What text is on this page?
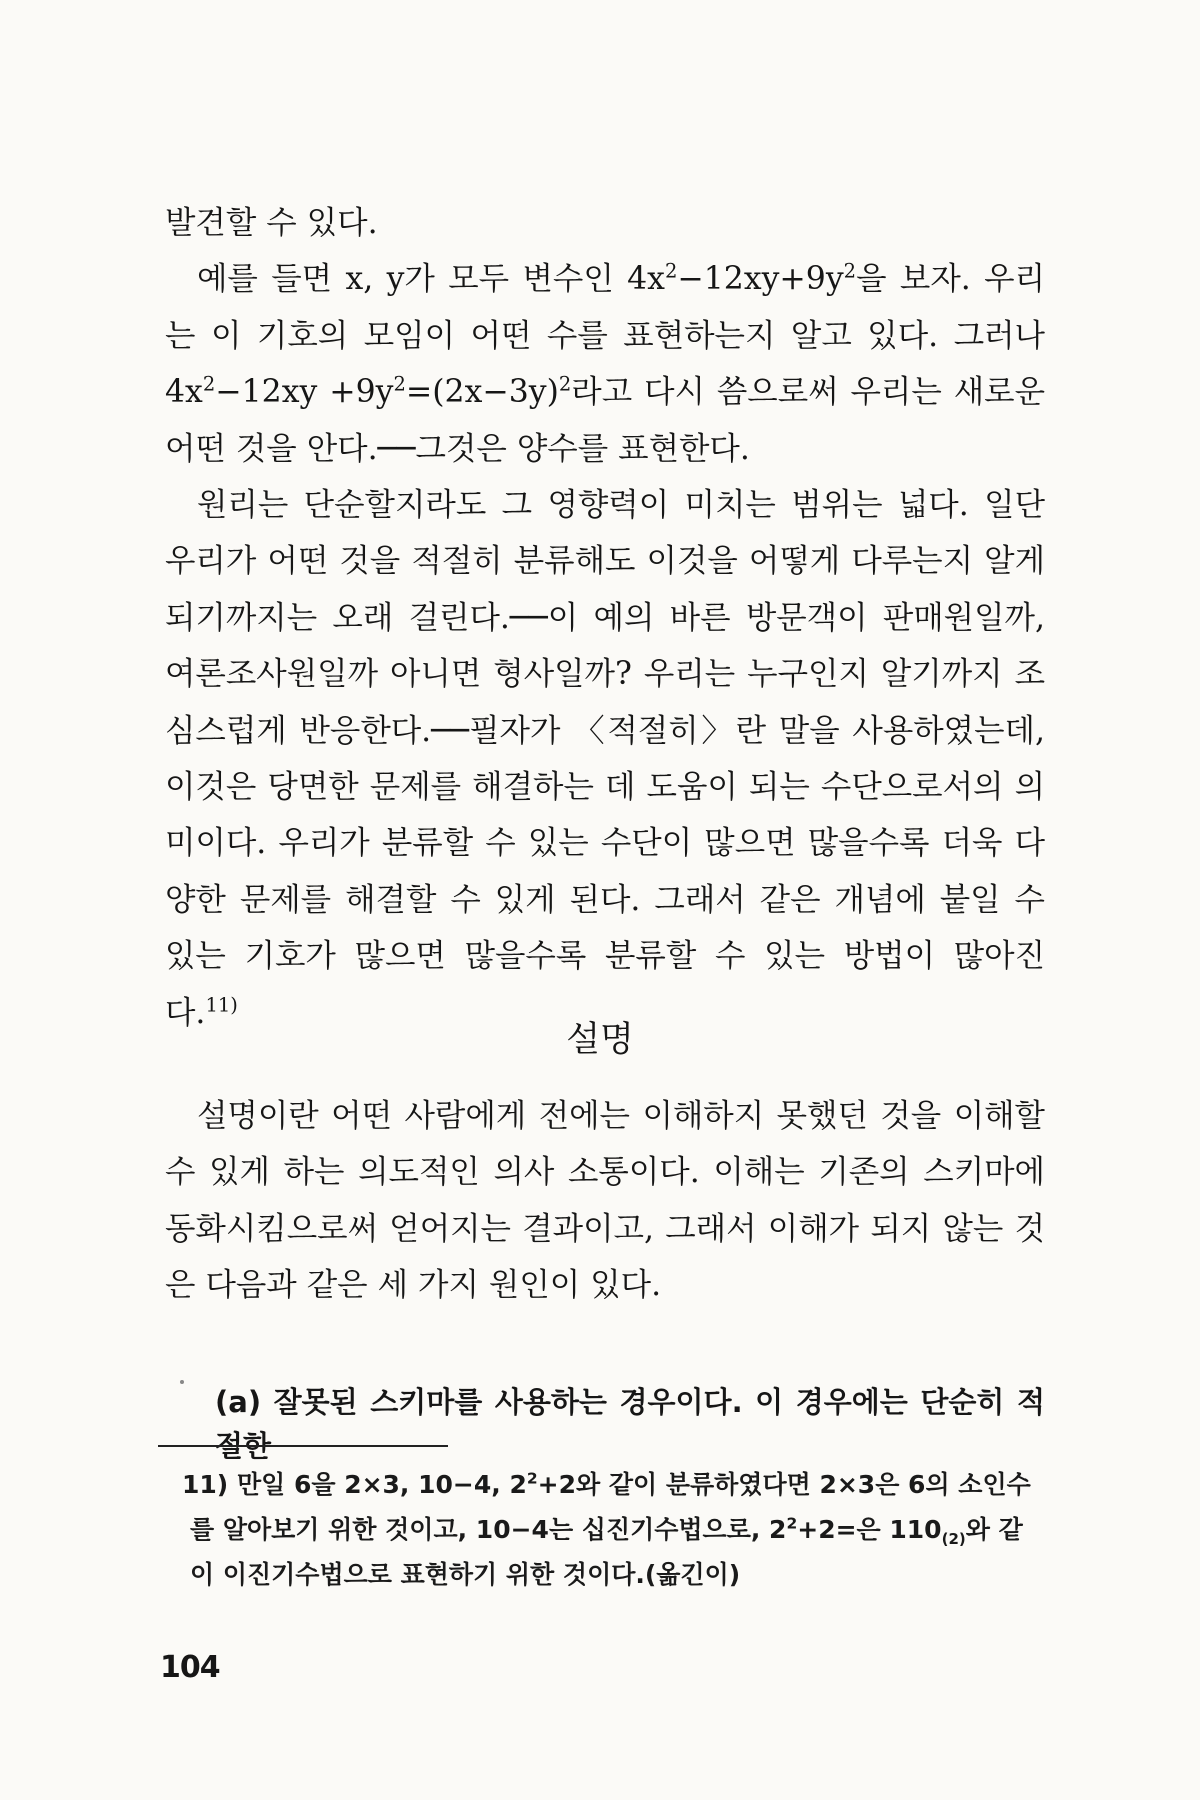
발견할 수 있다.

예를 들면 x, y가 모두 변수인 $4x^2-12xy+9y^2$을 보자. 우리는 이 기호의 모임이 어떤 수를 표현하는지 알고 있다. 그러나 $4x^2-12xy +9y^2=(2x-3y)^2$라고 다시 씀으로써 우리는 새로운 어떤 것을 안다.──그것은 양수를 표현한다.

원리는 단순할지라도 그 영향력이 미치는 범위는 넓다. 일단 우리가 어떤 것을 적절히 분류해도 이것을 어떻게 다루는지 알게 되기까지는 오래 걸린다.──이 예의 바른 방문객이 판매원일까, 여론조사원일까 아니면 형사일까? 우리는 누구인지 알기까지 조심스럽게 반응한다.──필자가 〈적절히〉란 말을 사용하였는데, 이것은 당면한 문제를 해결하는 데 도움이 되는 수단으로서의 의미이다. 우리가 분류할 수 있는 수단이 많으면 많을수록 더욱 다양한 문제를 해결할 수 있게 된다. 그래서 같은 개념에 붙일 수 있는 기호가 많으면 많을수록 분류할 수 있는 방법이 많아진다.$^{11)}$

설명

설명이란 어떤 사람에게 전에는 이해하지 못했던 것을 이해할 수 있게 하는 의도적인 의사 소통이다. 이해는 기존의 스키마에 동화시킴으로써 얻어지는 결과이고, 그래서 이해가 되지 않는 것은 다음과 같은 세 가지 원인이 있다.

(a) 잘못된 스키마를 사용하는 경우이다. 이 경우에는 단순히 적절한
11) 만일 6을 2×3, 10−4, $2^2+2$와 같이 분류하였다면 2×3은 6의 소인수를 알아보기 위한 것이고, 10−4는 십진기수법으로, $2^2+2=$은 $110_{(2)}$와 같이 이진기수법으로 표현하기 위한 것이다.(옮긴이)
104
